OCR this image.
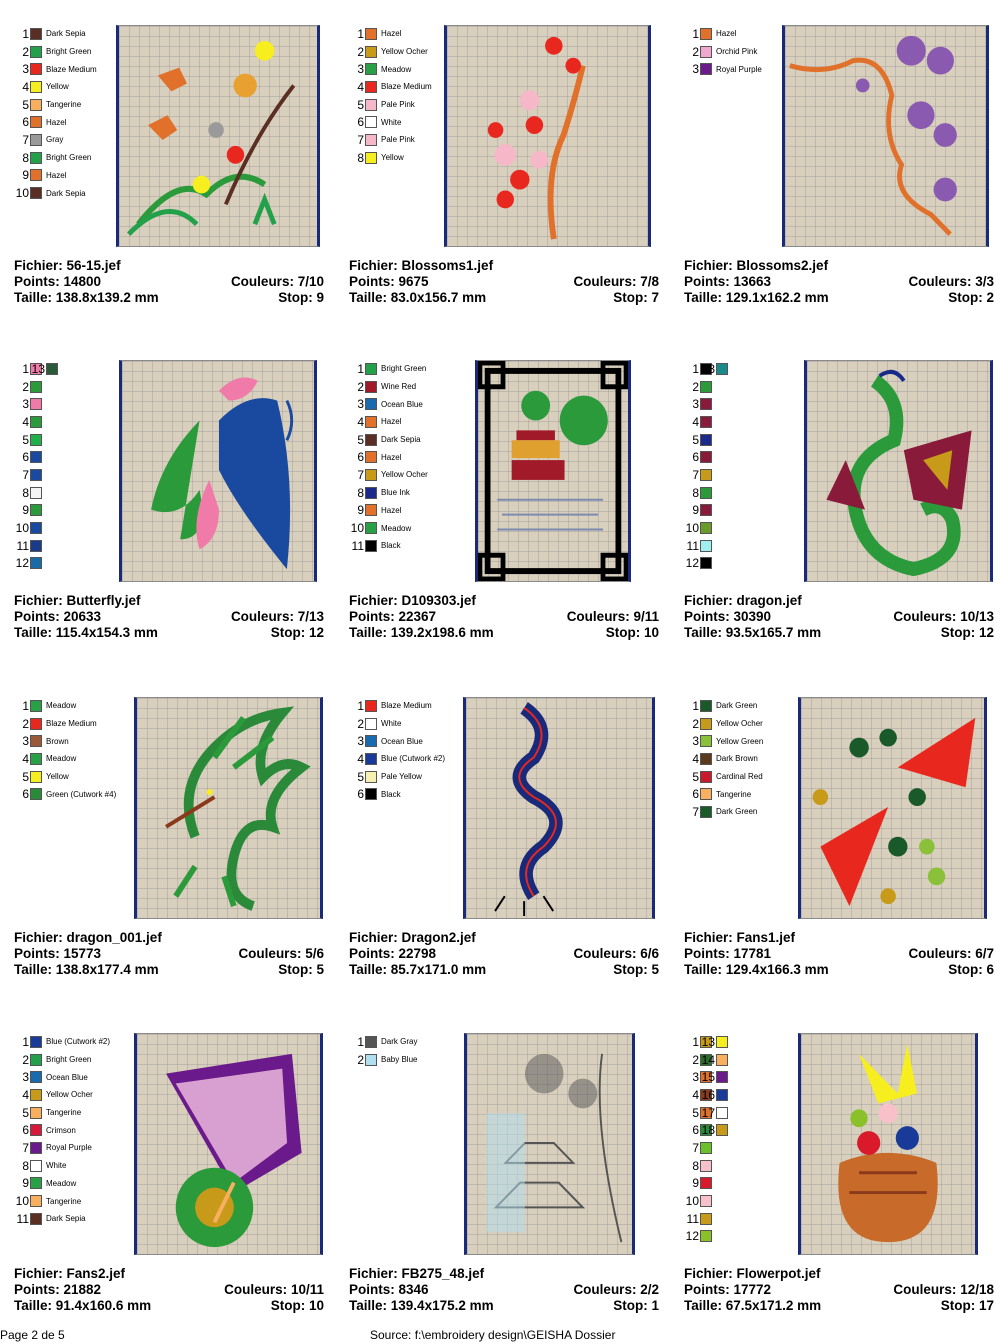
1 Dark Sepia
2 Bright Green
3 Blaze Medium
4 Yellow
5 Tangerine
6 Hazel
7 Gray
8 Bright Green
9 Hazel
10 Dark Sepia
Fichier: 56-15.jef
Points: 14800	Couleurs: 7/10
Taille: 138.8x139.2 mm	Stop: 9
1 Hazel
2 Yellow Ocher
3 Meadow
4 Blaze Medium
5 Pale Pink
6 White
7 Pale Pink
8 Yellow
Fichier: Blossoms1.jef
Points: 9675	Couleurs: 7/8
Taille: 83.0x156.7 mm	Stop: 7
1 Hazel
2 Orchid Pink
3 Royal Purple
Fichier: Blossoms2.jef
Points: 13663	Couleurs: 3/3
Taille: 129.1x162.2 mm	Stop: 2
1
2
3
4
5
6
7
8
9
10
11
12
13
Fichier: Butterfly.jef
Points: 20633	Couleurs: 7/13
Taille: 115.4x154.3 mm	Stop: 12
1 Bright Green
2 Wine Red
3 Ocean Blue
4 Hazel
5 Dark Sepia
6 Hazel
7 Yellow Ocher
8 Blue Ink
9 Hazel
10 Meadow
11 Black
Fichier: D109303.jef
Points: 22367	Couleurs: 9/11
Taille: 139.2x198.6 mm	Stop: 10
1
2
3
4
5
6
7
8
9
10
11
12
13
Fichier: dragon.jef
Points: 30390	Couleurs: 10/13
Taille: 93.5x165.7 mm	Stop: 12
1 Meadow
2 Blaze Medium
3 Brown
4 Meadow
5 Yellow
6 Green (Cutwork #4)
Fichier: dragon_001.jef
Points: 15773	Couleurs: 5/6
Taille: 138.8x177.4 mm	Stop: 5
1 Blaze Medium
2 White
3 Ocean Blue
4 Blue (Cutwork #2)
5 Pale Yellow
6 Black
Fichier: Dragon2.jef
Points: 22798	Couleurs: 6/6
Taille: 85.7x171.0 mm	Stop: 5
1 Dark Green
2 Yellow Ocher
3 Yellow Green
4 Dark Brown
5 Cardinal Red
6 Tangerine
7 Dark Green
Fichier: Fans1.jef
Points: 17781	Couleurs: 6/7
Taille: 129.4x166.3 mm	Stop: 6
1 Blue (Cutwork #2)
2 Bright Green
3 Ocean Blue
4 Yellow Ocher
5 Tangerine
6 Crimson
7 Royal Purple
8 White
9 Meadow
10 Tangerine
11 Dark Sepia
Fichier: Fans2.jef
Points: 21882	Couleurs: 10/11
Taille: 91.4x160.6 mm	Stop: 10
1 Dark Gray
2 Baby Blue
Fichier: FB275_48.jef
Points: 8346	Couleurs: 2/2
Taille: 139.4x175.2 mm	Stop: 1
1
2
3
4
5
6
7
8
9
10
11
12
13
14
15
16
17
18
Fichier: Flowerpot.jef
Points: 17772	Couleurs: 12/18
Taille: 67.5x171.2 mm	Stop: 17
Page 2 de 5	Source: f:\embroidery design\GEISHA Dossier
